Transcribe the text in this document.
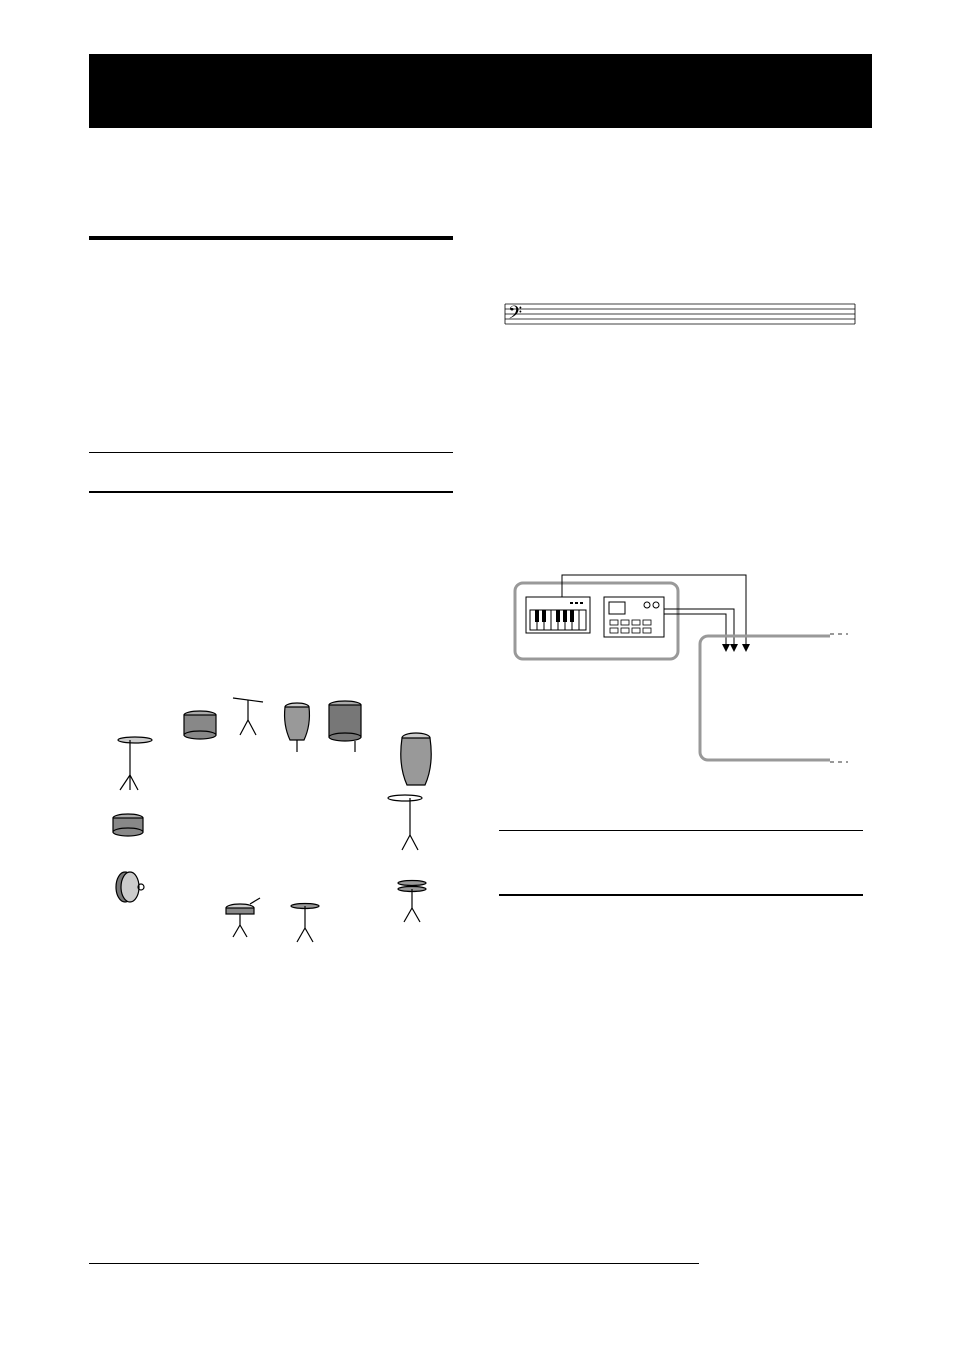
𝄢
